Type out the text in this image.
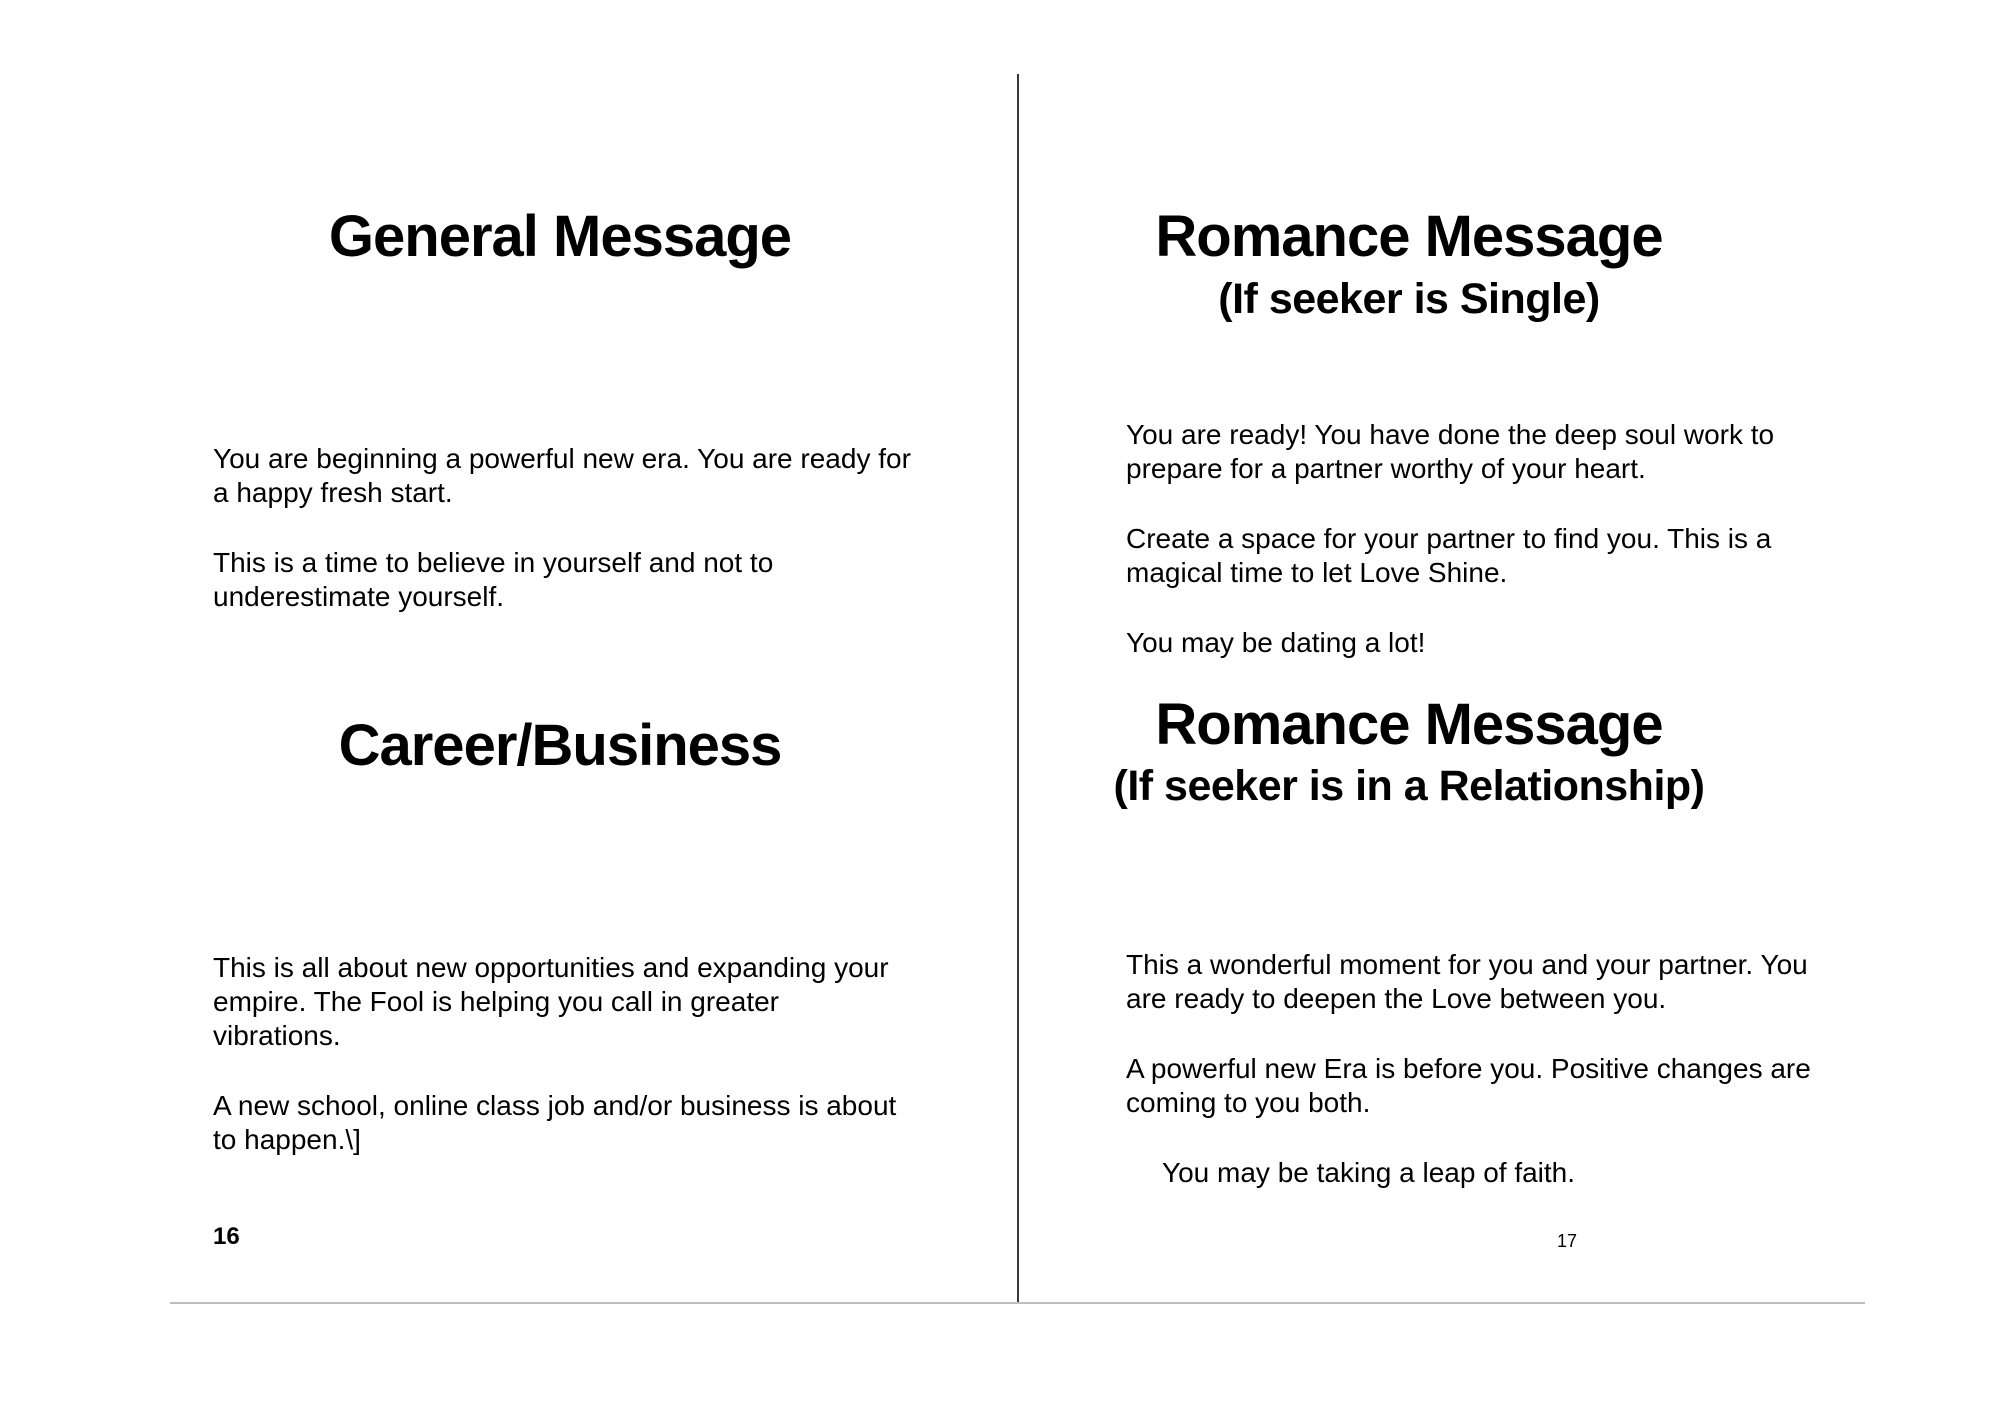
General Message

You are beginning a powerful new era. You are ready for
a happy fresh start.

This is a time to believe in yourself and not to
underestimate yourself.

Career/Business

This is all about new opportunities and expanding your
empire. The Fool is helping you call in greater
vibrations.

A new school, online class job and/or business is about
to happen.\]

16
Romance Message
(If seeker is Single)

You are ready! You have done the deep soul work to
prepare for a partner worthy of your heart.

Create a space for your partner to find you. This is a
magical time to let Love Shine.

You may be dating a lot!

Romance Message
(If seeker is in a Relationship)

This a wonderful moment for you and your partner. You
are ready to deepen the Love between you.

A powerful new Era is before you. Positive changes are
coming to you both.

You may be taking a leap of faith.

17
